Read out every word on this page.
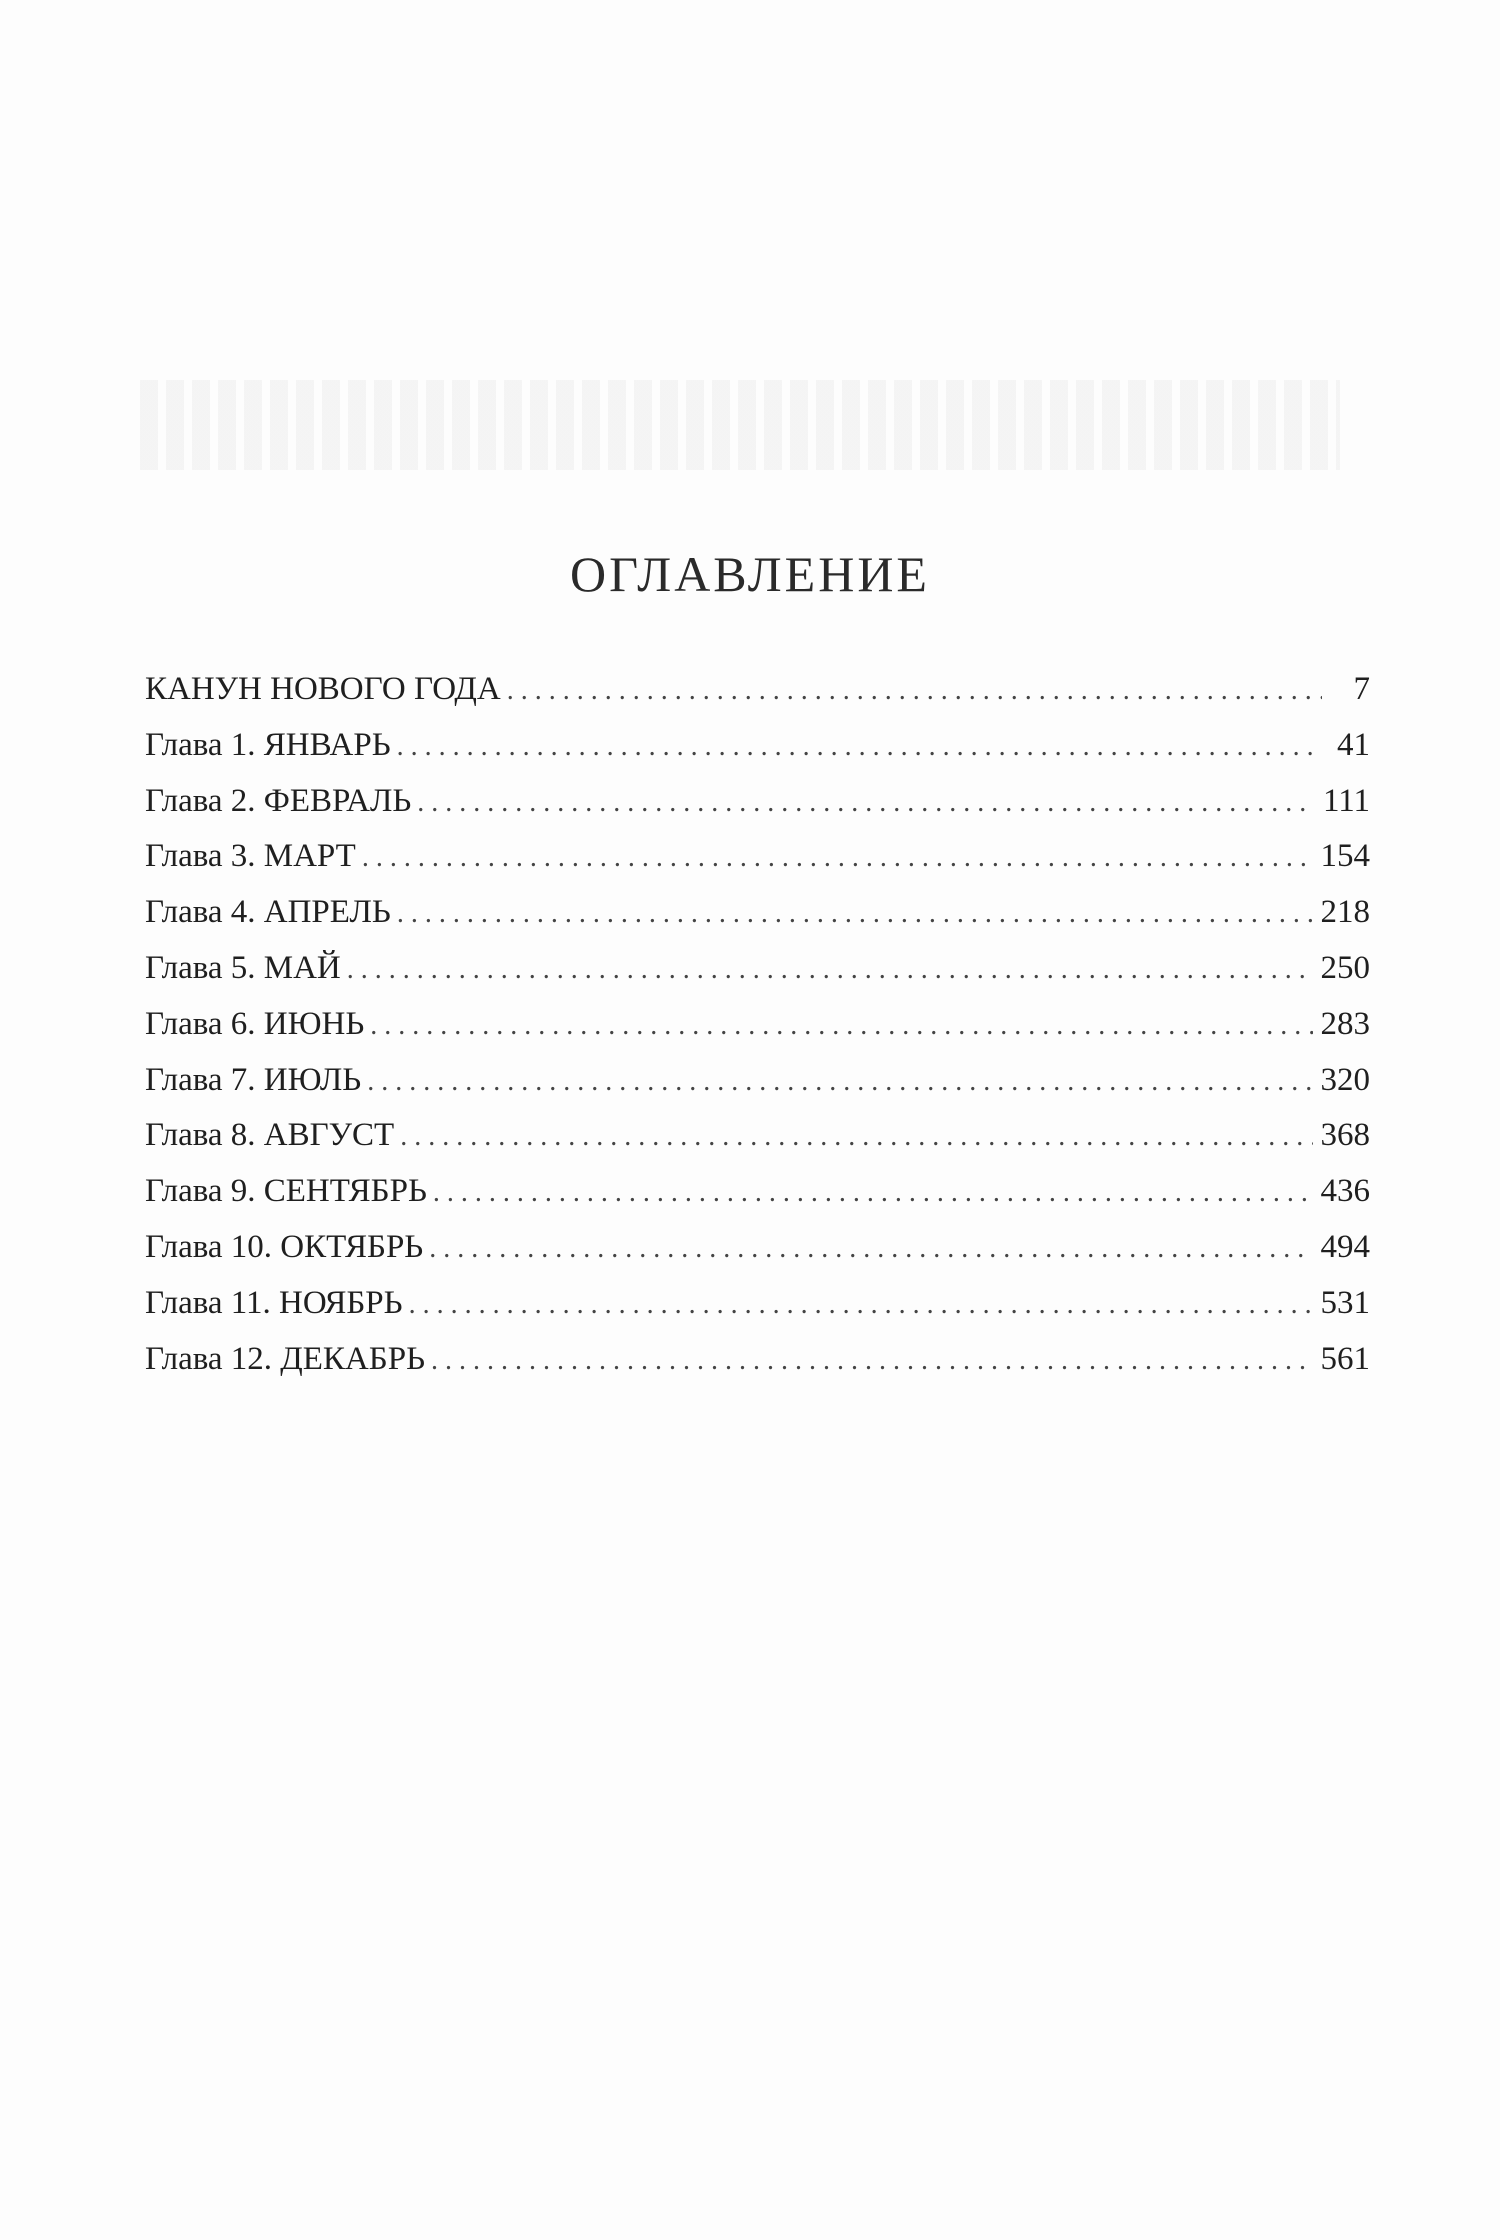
ОГЛАВЛЕНИЕ
КАНУН НОВОГО ГОДА . . .	7
Глава 1. ЯНВАРЬ . . .	41
Глава 2. ФЕВРАЛЬ . . .	111
Глава 3. МАРТ . . .	154
Глава 4. АПРЕЛЬ . . .	218
Глава 5. МАЙ . . .	250
Глава 6. ИЮНЬ . . .	283
Глава 7. ИЮЛЬ . . .	320
Глава 8. АВГУСТ . . .	368
Глава 9. СЕНТЯБРЬ . . .	436
Глава 10. ОКТЯБРЬ . . .	494
Глава 11. НОЯБРЬ . . .	531
Глава 12. ДЕКАБРЬ . . .	561
